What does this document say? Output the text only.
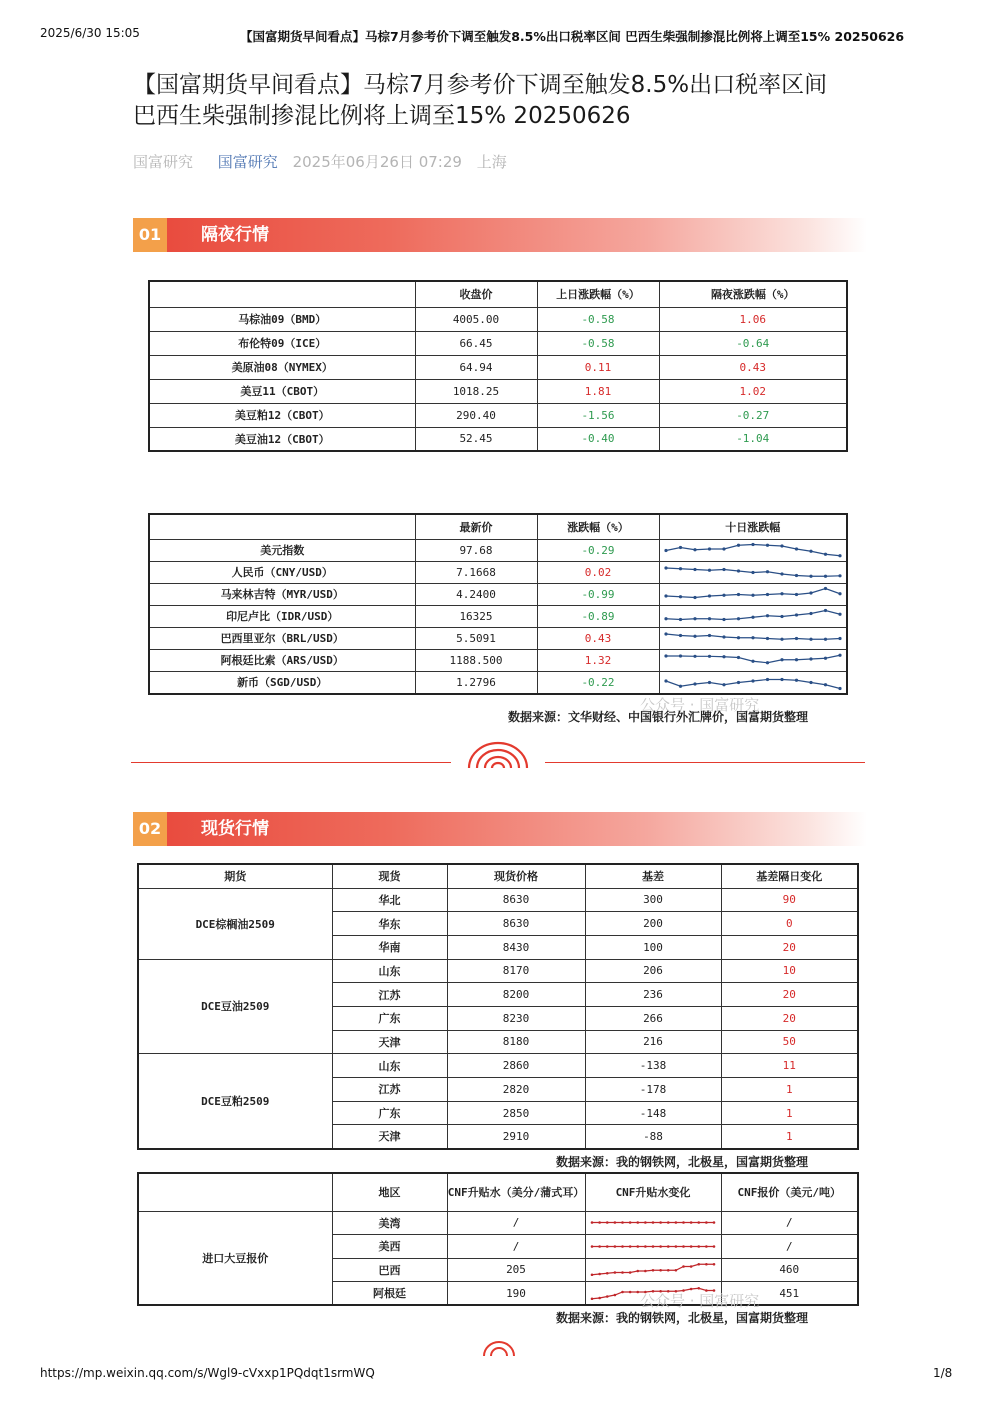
2025/6/30 15:05	【国富期货早间看点】马棕7月参考价下调至触发8.5%出口税率区间 巴西生柴强制掺混比例将上调至15% 20250626
【国富期货早间看点】马棕7月参考价下调至触发8.5%出口税率区间
巴西生柴强制掺混比例将上调至15% 20250626
国富研究 国富研究 2025年06月26日 07:29 上海
01	隔夜行情
	收盘价	上日涨跌幅（%）	隔夜涨跌幅（%）
马棕油09（BMD）	4005.00	-0.58	1.06
布伦特09（ICE）	66.45	-0.58	-0.64
美原油08（NYMEX）	64.94	0.11	0.43
美豆11（CBOT）	1018.25	1.81	1.02
美豆粕12（CBOT）	290.40	-1.56	-0.27
美豆油12（CBOT）	52.45	-0.40	-1.04
	最新价	涨跌幅（%）	十日涨跌幅
美元指数	97.68	-0.29	

人民币（CNY/USD）	7.1668	0.02	

马来林吉特（MYR/USD）	4.2400	-0.99	

印尼卢比（IDR/USD）	16325	-0.89	

巴西里亚尔（BRL/USD）	5.5091	0.43	

阿根廷比索（ARS/USD）	1188.500	1.32	

新币（SGD/USD）	1.2796	-0.22	
公众号 · 国富研究
数据来源：文华财经、中国银行外汇牌价，国富期货整理
02	现货行情
期货	现货	现货价格	基差	基差隔日变化
DCE棕榈油2509	华北	8630	300	90
	华东	8630	200	0
	华南	8430	100	20
DCE豆油2509	山东	8170	206	10
	江苏	8200	236	20
	广东	8230	266	20
	天津	8180	216	50
DCE豆粕2509	山东	2860	-138	11
	江苏	2820	-178	1
	广东	2850	-148	1
	天津	2910	-88	1
数据来源：我的钢铁网，北极星，国富期货整理
	地区	CNF升贴水（美分/蒲式耳）	CNF升贴水变化	CNF报价（美元/吨）
进口大豆报价	美湾	/		/
	美西	/		/
	巴西	205		460
	阿根廷	190		451
公众号 · 国富研究
数据来源：我的钢铁网，北极星，国富期货整理
https://mp.weixin.qq.com/s/Wgl9-cVxxp1PQdqt1srmWQ	1/8
